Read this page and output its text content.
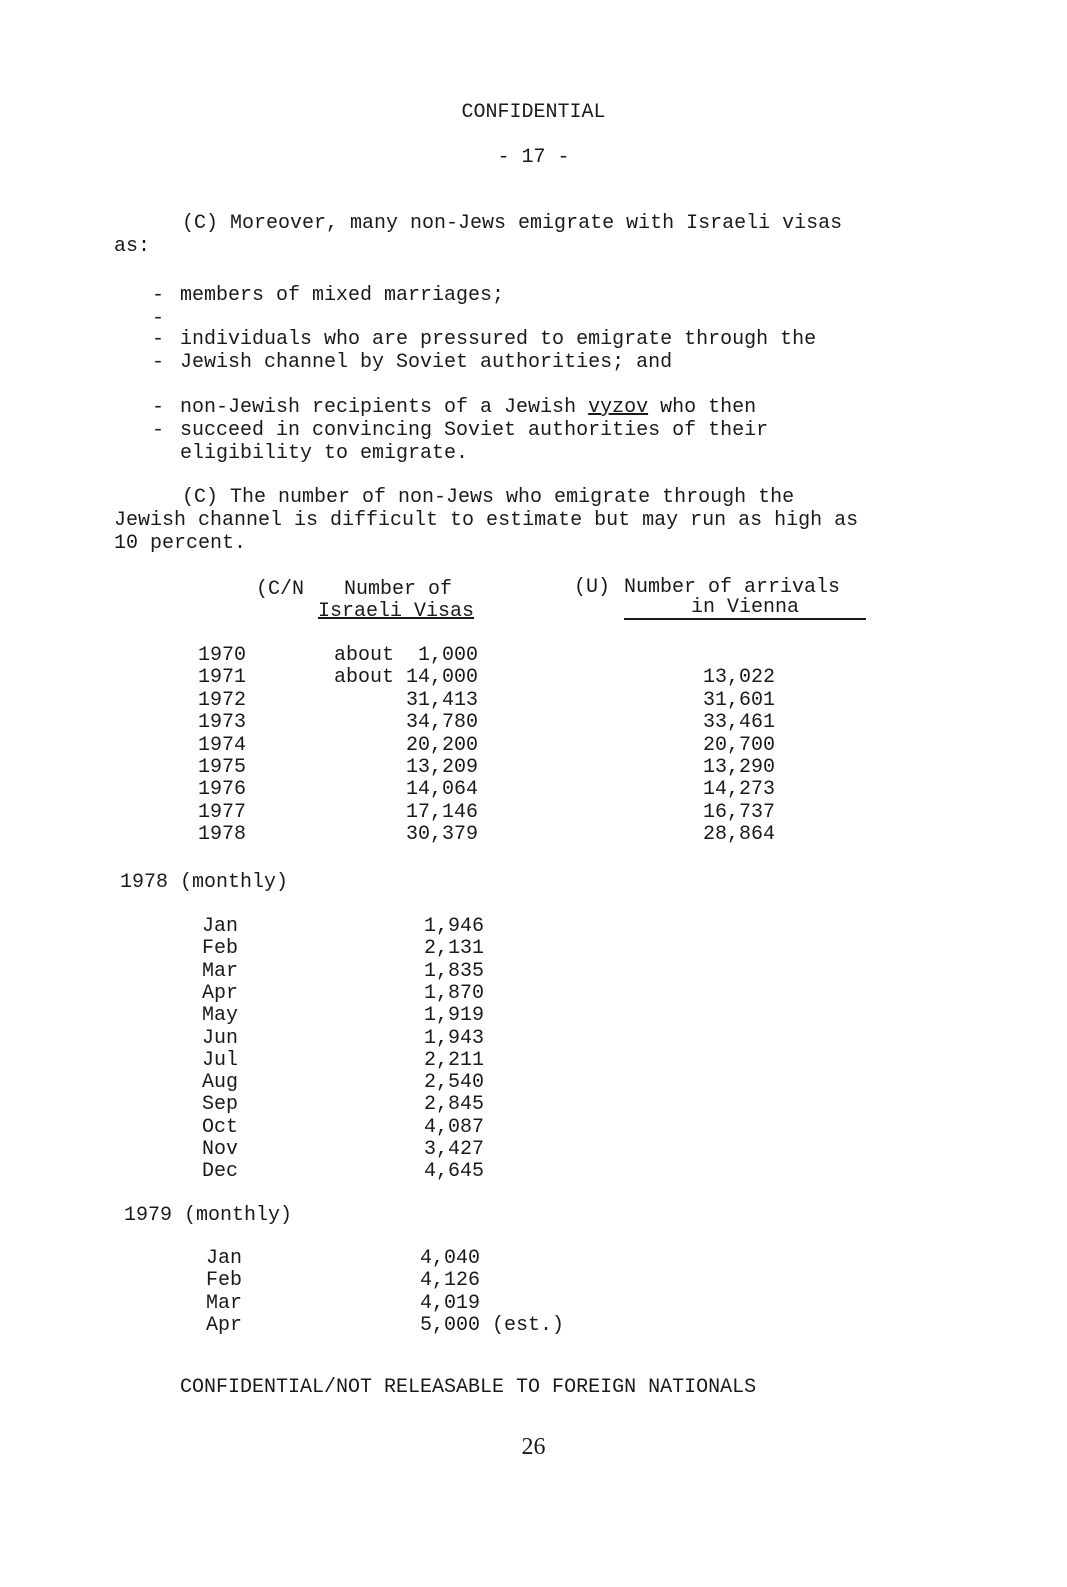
CONFIDENTIAL
- 17 -
(C) Moreover, many non-Jews emigrate with Israeli visas as:
--
members of mixed marriages;
--
individuals who are pressured to emigrate through the Jewish channel by Soviet authorities; and
--
non-Jewish recipients of a Jewish vyzov who then succeed in convincing Soviet authorities of their eligibility to emigrate.
(C) The number of non-Jews who emigrate through the Jewish channel is difficult to estimate but may run as high as 10 percent.
(C/N Number of
Israeli Visas
(U) Number of arrivals
in Vienna
1970	about  1,000
1971	about 14,000	13,022
1972	31,413	31,601
1973	34,780	33,461
1974	20,200	20,700
1975	13,209	13,290
1976	14,064	14,273
1977	17,146	16,737
1978	30,379	28,864
1978 (monthly)
Jan	1,946
Feb	2,131
Mar	1,835
Apr	1,870
May	1,919
Jun	1,943
Jul	2,211
Aug	2,540
Sep	2,845
Oct	4,087
Nov	3,427
Dec	4,645
1979 (monthly)
Jan	4,040
Feb	4,126
Mar	4,019
Apr	5,000 (est.)
CONFIDENTIAL/NOT RELEASABLE TO FOREIGN NATIONALS
26
